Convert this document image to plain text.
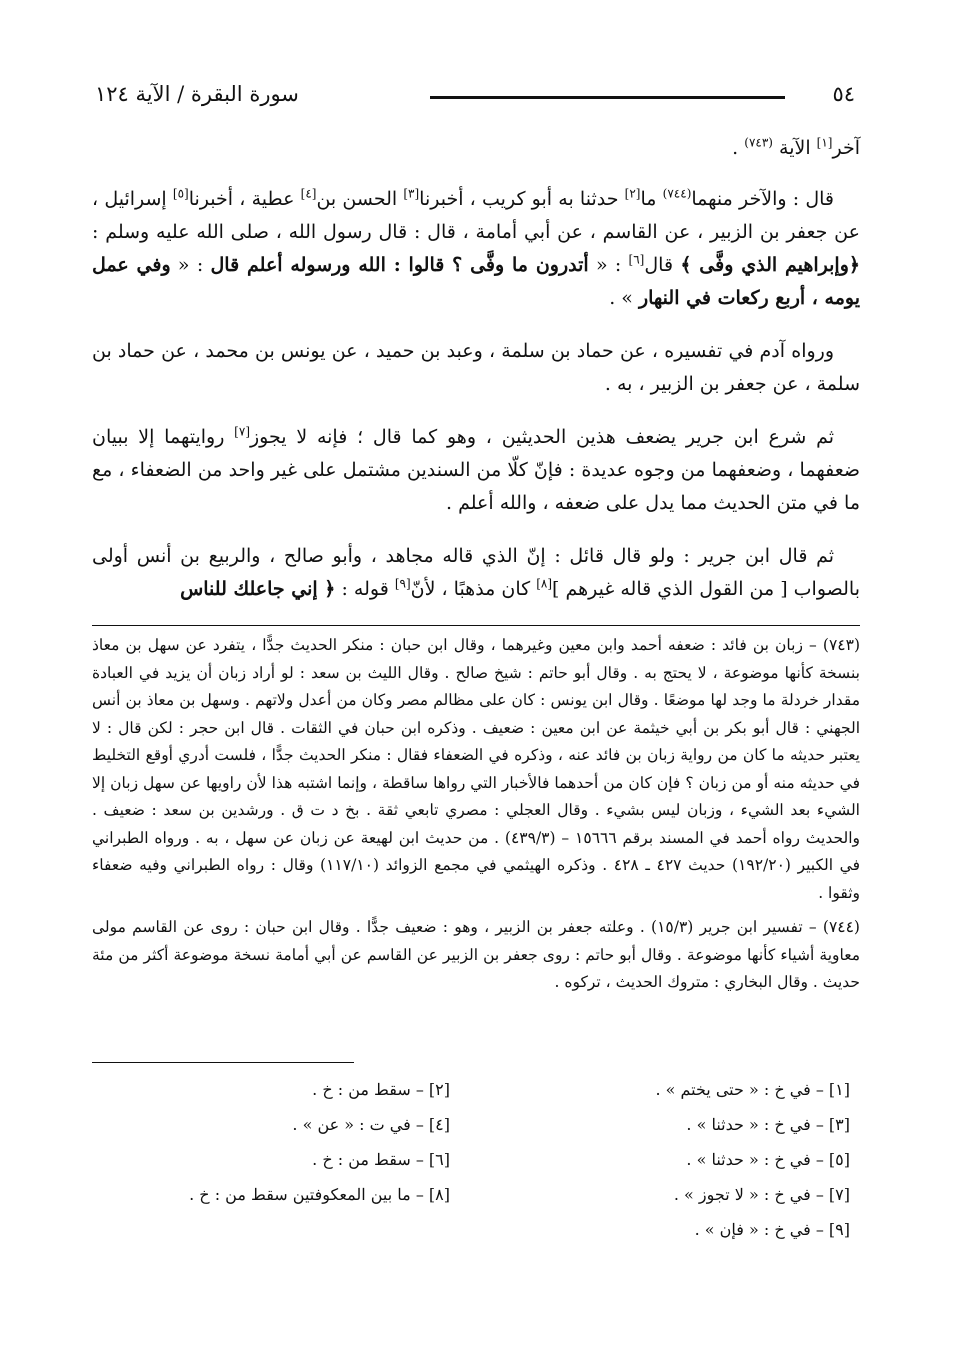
٥٤
سورة البقرة / الآية ١٢٤

آخر[١] الآية $^{(٧٤٣)}$ .

قال : والآخر منهما$^{(٧٤٤)}$ ما[٢] حدثنا به أبو كريب ، أخبرنا[٣] الحسن بن[٤] عطية ، أخبرنا[٥] إسرائيل ، عن جعفر بن الزبير ، عن القاسم ، عن أبي أمامة ، قال : قال رسول الله ، صلى الله عليه وسلم : ﴿وإبراهيم الذي وفَّى ﴾ قال[٦] : « أتدرون ما وفَّى ؟ قالوا : الله ورسوله أعلم قال : « وفي عمل يومه ، أربع ركعات في النهار » .

ورواه آدم في تفسيره ، عن حماد بن سلمة ، وعبد بن حميد ، عن يونس بن محمد ، عن حماد بن سلمة ، عن جعفر بن الزبير ، به .

ثم شرع ابن جرير يضعف هذين الحديثين ، وهو كما قال ؛ فإنه لا يجوز[٧] روايتهما إلا ببيان ضعفهما ، وضعفهما من وجوه عديدة : فإنّ كلّا من السندين مشتمل على غير واحد من الضعفاء ، مع ما في متن الحديث مما يدل على ضعفه ، والله أعلم .

ثم قال ابن جرير : ولو قال قائل : إنّ الذي قاله مجاهد ، وأبو صالح ، والربيع بن أنس أولى بالصواب [ من القول الذي قاله غيرهم ][٨] كان مذهبًا ، لأنّ[٩] قوله : ﴿ إني جاعلك للناس

(٧٤٣) – زبان بن فائد : ضعفه أحمد وابن معين وغيرهما ، وقال ابن حبان : منكر الحديث جدًّا ، يتفرد عن سهل بن معاذ بنسخة كأنها موضوعة ، لا يحتج به . وقال أبو حاتم : شيخ صالح . وقال الليث بن سعد : لو أراد زبان أن يزيد في العبادة مقدار خردلة ما وجد لها موضعًا . وقال ابن يونس : كان على مظالم مصر وكان من أعدل ولاتهم . وسهل بن معاذ بن أنس الجهني : قال أبو بكر بن أبي خيثمة عن ابن معين : ضعيف . وذكره ابن حبان في الثقات . قال ابن حجر : لكن قال : لا يعتبر حديثه ما كان من رواية زبان بن فائد عنه ، وذكره في الضعفاء فقال : منكر الحديث جدًّا ، فلست أدري أوقع التخليط في حديثه منه أو من زبان ؟ فإن كان من أحدهما فالأخبار التي رواها ساقطة ، وإنما اشتبه هذا لأن راويها عن سهل زبان إلا الشيء بعد الشيء ، وزبان ليس بشيء . وقال العجلي : مصري تابعي ثقة . بخ د ت ق . ورشدين بن سعد : ضعيف . والحديث رواه أحمد في المسند برقم ١٥٦٦٦ – (٤٣٩/٣) . من حديث ابن لهيعة عن زبان عن سهل ، به . ورواه الطبراني في الكبير (١٩٢/٢٠) حديث ٤٢٧ ـ ٤٢٨ . وذكره الهيثمي في مجمع الزوائد (١١٧/١٠) وقال : رواه الطبراني وفيه ضعفاء وثقوا .

(٧٤٤) – تفسير ابن جرير (١٥/٣) . وعلته جعفر بن الزبير ، وهو : ضعيف جدًّا . وقال ابن حبان : روى عن القاسم مولى معاوية أشياء كأنها موضوعة . وقال أبو حاتم : روى جعفر بن الزبير عن القاسم عن أبي أمامة نسخة موضوعة أكثر من مئة حديث . وقال البخاري : متروك الحديث ، تركوه .

[١] – في خ : « حتى يختم » .
[٢] – سقط من : خ .
[٣] – في خ : « حدثنا » .
[٤] – في ت : « عن » .
[٥] – في خ : « حدثنا » .
[٦] – سقط من : خ .
[٧] – في خ : « لا تجوز » .
[٨] – ما بين المعكوفتين سقط من : خ .
[٩] – في خ : « فإن » .
